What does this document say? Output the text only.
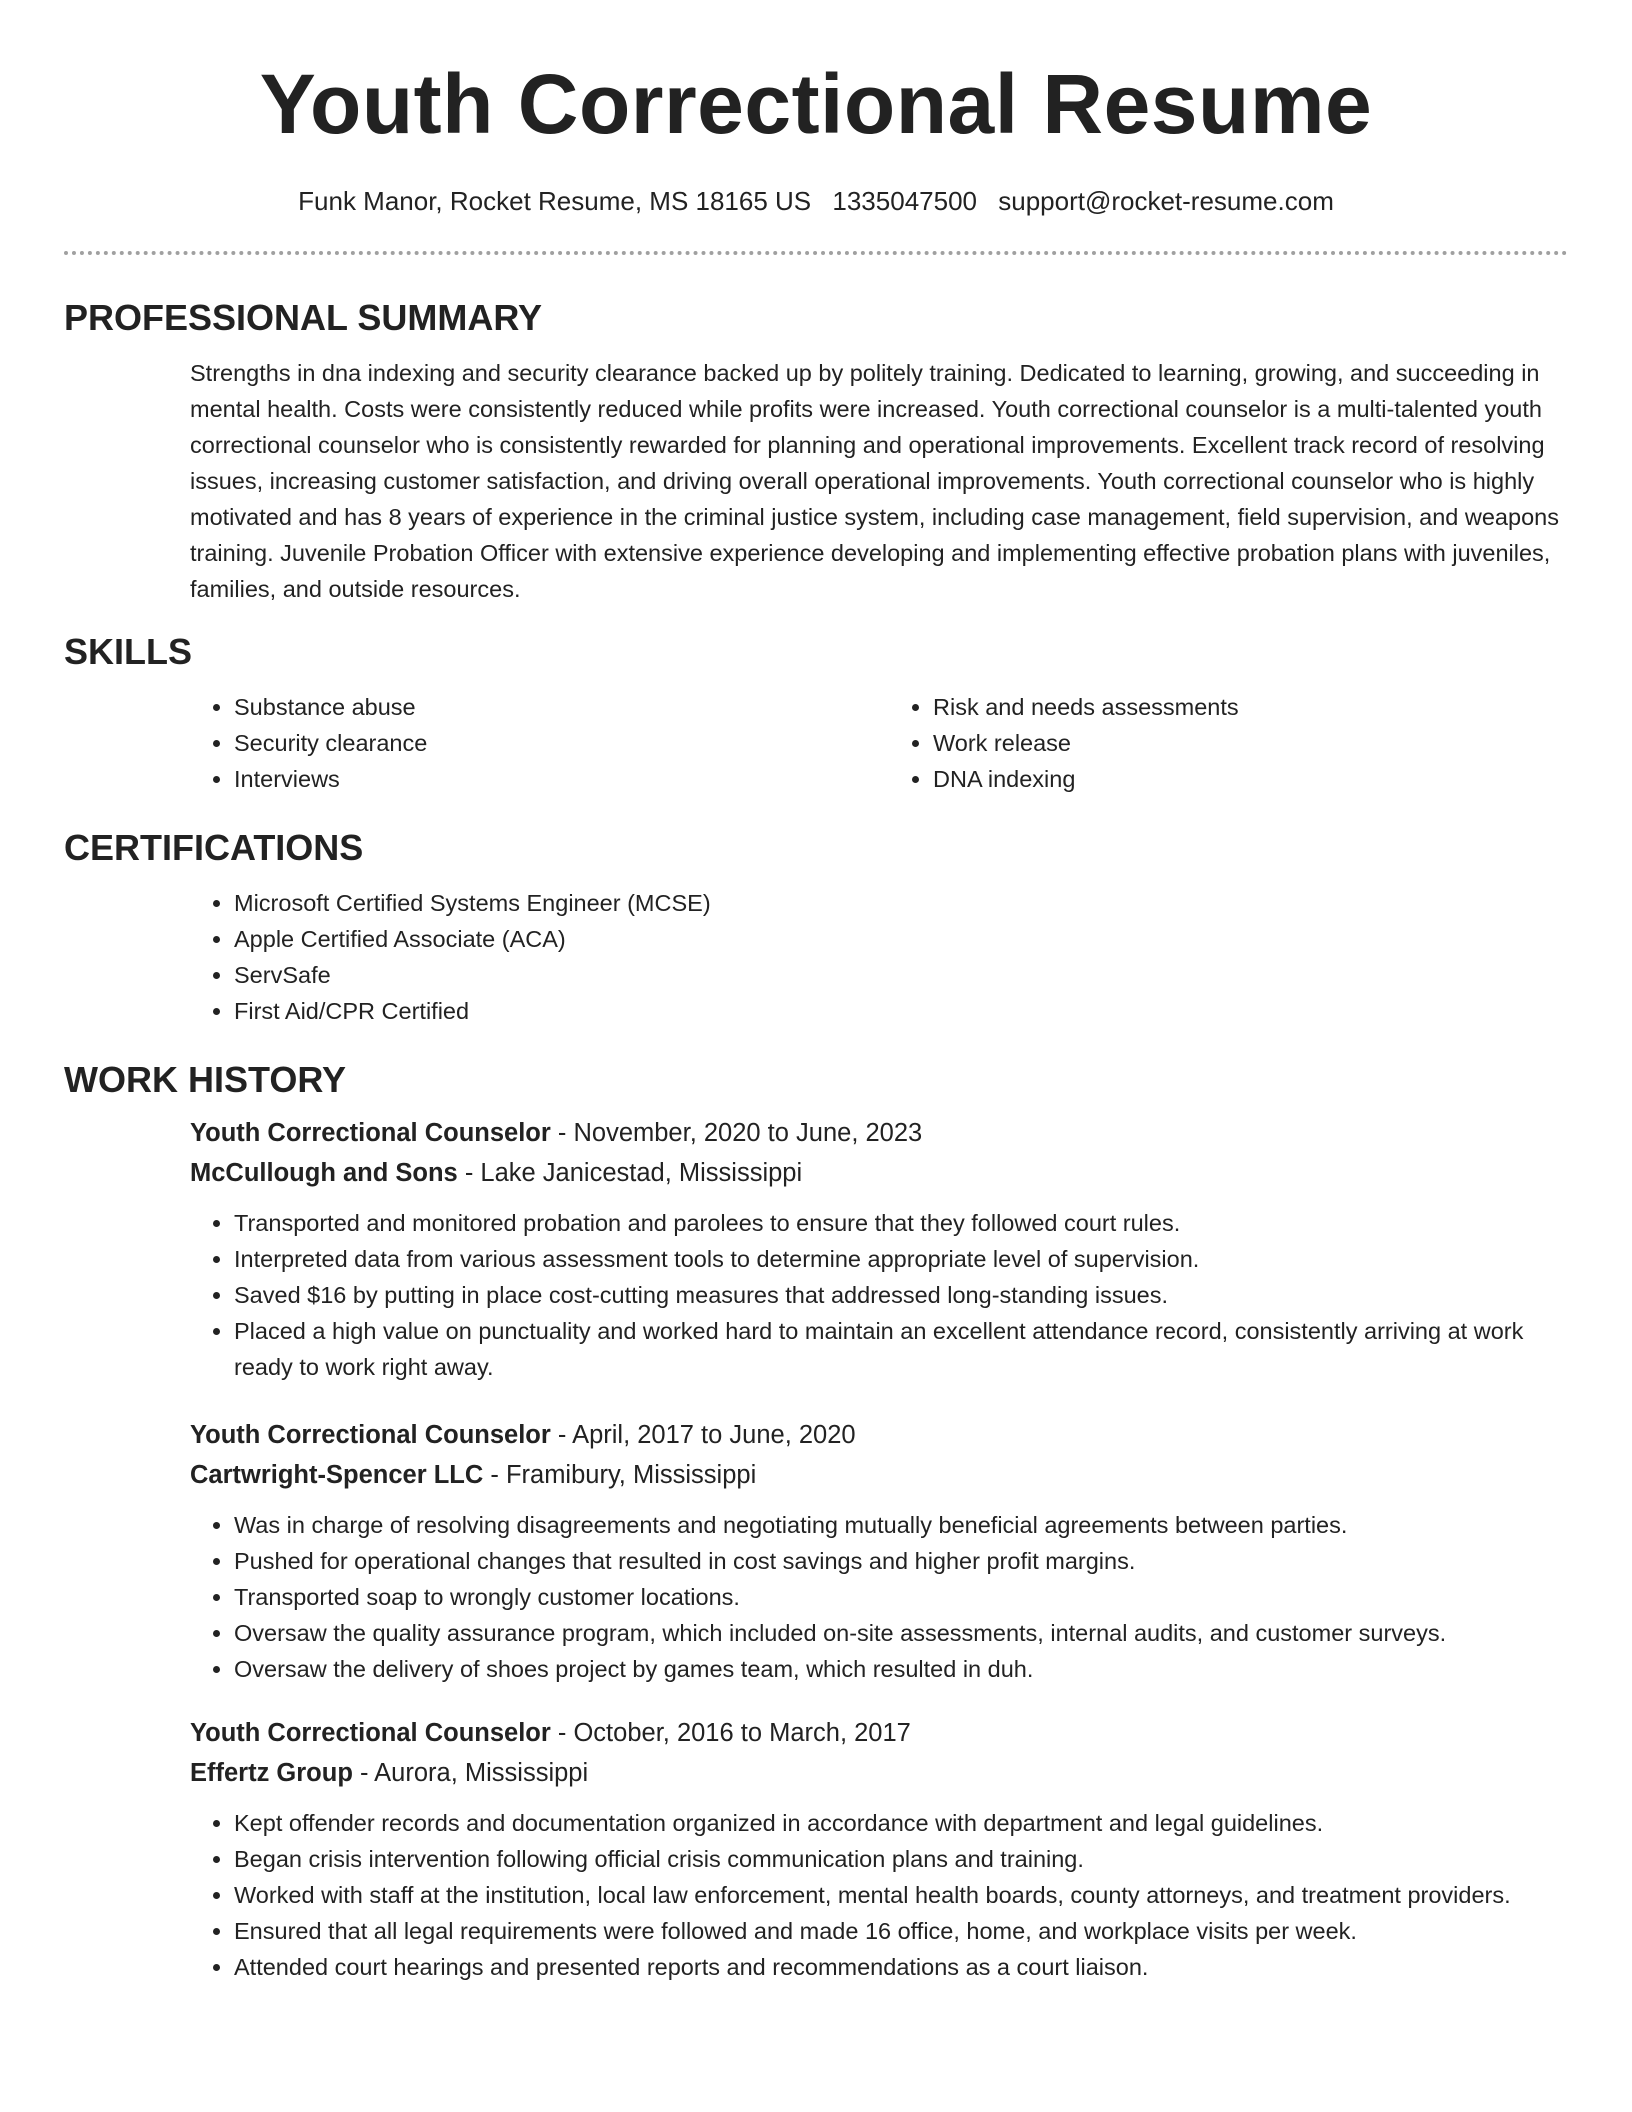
Youth Correctional Resume
Funk Manor, Rocket Resume, MS 18165 US 1335047500 support@rocket-resume.com
PROFESSIONAL SUMMARY

Strengths in dna indexing and security clearance backed up by politely training. Dedicated to learning, growing, and succeeding in mental health. Costs were consistently reduced while profits were increased. Youth correctional counselor is a multi-talented youth correctional counselor who is consistently rewarded for planning and operational improvements. Excellent track record of resolving issues, increasing customer satisfaction, and driving overall operational improvements. Youth correctional counselor who is highly motivated and has 8 years of experience in the criminal justice system, including case management, field supervision, and weapons training. Juvenile Probation Officer with extensive experience developing and implementing effective probation plans with juveniles, families, and outside resources.

SKILLS
• Substance abuse
• Security clearance
• Interviews
• Risk and needs assessments
• Work release
• DNA indexing
CERTIFICATIONS
• Microsoft Certified Systems Engineer (MCSE)
• Apple Certified Associate (ACA)
• ServSafe
• First Aid/CPR Certified
WORK HISTORY
Youth Correctional Counselor - November, 2020 to June, 2023
McCullough and Sons - Lake Janicestad, Mississippi
• Transported and monitored probation and parolees to ensure that they followed court rules.
• Interpreted data from various assessment tools to determine appropriate level of supervision.
• Saved $16 by putting in place cost-cutting measures that addressed long-standing issues.
• Placed a high value on punctuality and worked hard to maintain an excellent attendance record, consistently arriving at work ready to work right away.
Youth Correctional Counselor - April, 2017 to June, 2020
Cartwright-Spencer LLC - Framibury, Mississippi
• Was in charge of resolving disagreements and negotiating mutually beneficial agreements between parties.
• Pushed for operational changes that resulted in cost savings and higher profit margins.
• Transported soap to wrongly customer locations.
• Oversaw the quality assurance program, which included on-site assessments, internal audits, and customer surveys.
• Oversaw the delivery of shoes project by games team, which resulted in duh.
Youth Correctional Counselor - October, 2016 to March, 2017
Effertz Group - Aurora, Mississippi
• Kept offender records and documentation organized in accordance with department and legal guidelines.
• Began crisis intervention following official crisis communication plans and training.
• Worked with staff at the institution, local law enforcement, mental health boards, county attorneys, and treatment providers.
• Ensured that all legal requirements were followed and made 16 office, home, and workplace visits per week.
• Attended court hearings and presented reports and recommendations as a court liaison.
